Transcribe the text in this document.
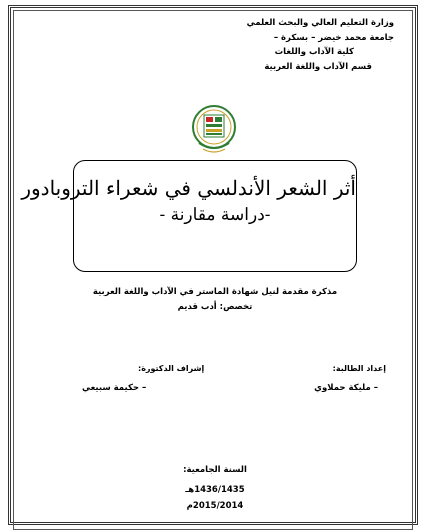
وزارة التعليم العالي والبحث العلمي
جامعة محمد خيضر – بسكرة –
كلية الآداب واللغات
قسم الآداب واللغة العربية
أثر الشعر الأندلسي في شعراء التروبادور
-دراسة مقارنة -
مذكرة مقدمة لنيل شهادة الماستر في الآداب واللغة العربية
تخصص: أدب قديم
إعداد الطالبة:
– مليكة حملاوي
إشراف الدكتورة:
– حكيمة سبيعي
السنة الجامعية:
1436/1435هـ
2015/2014م
